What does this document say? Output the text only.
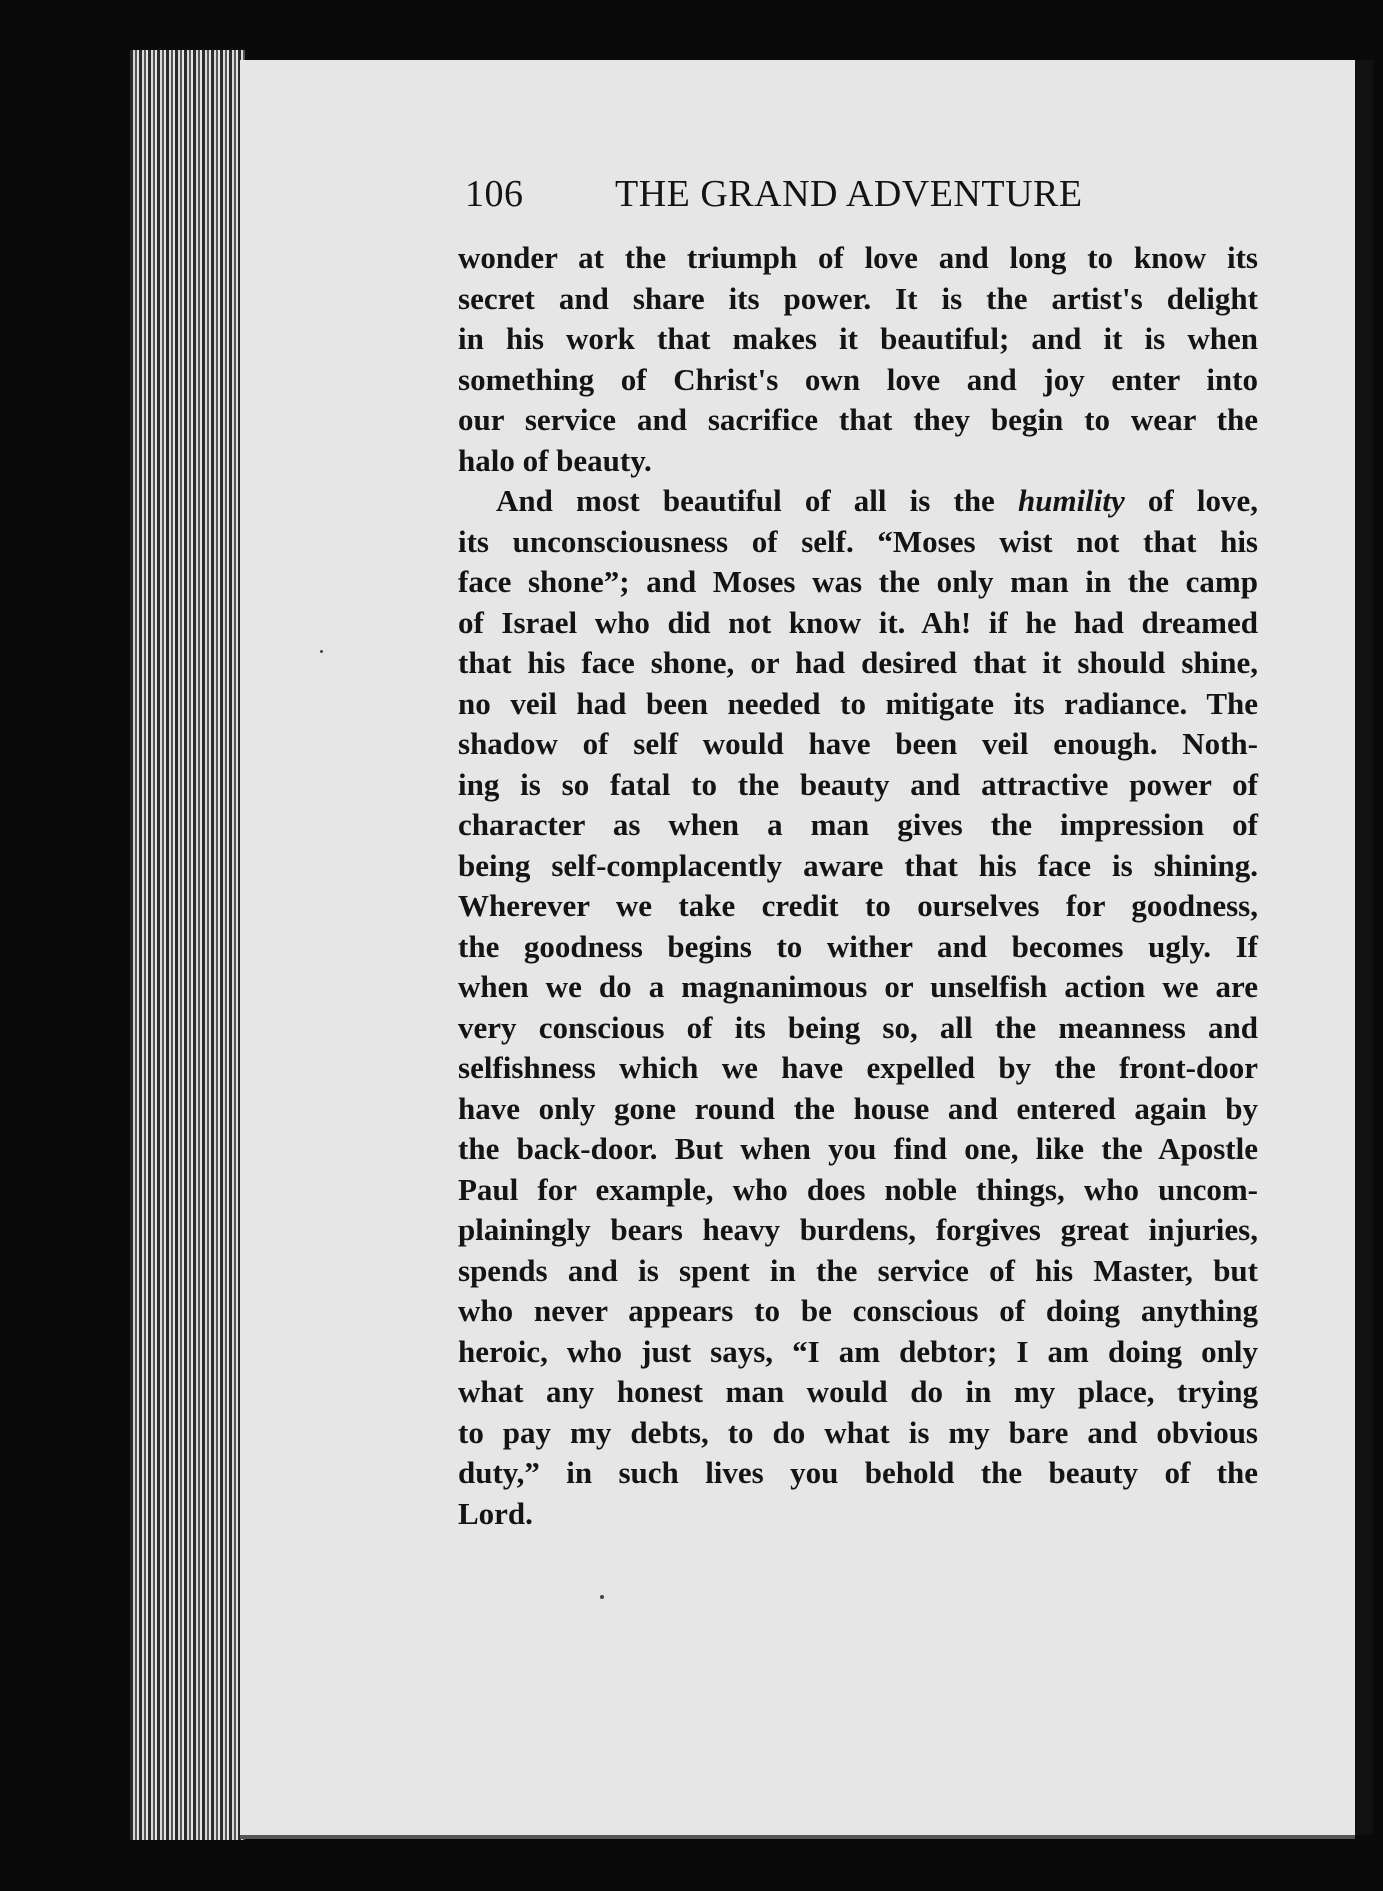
106 THE GRAND ADVENTURE
wonder at the triumph of love and long to know its
secret and share its power. It is the artist's delight
in his work that makes it beautiful; and it is when
something of Christ's own love and joy enter into
our service and sacrifice that they begin to wear the
halo of beauty.
And most beautiful of all is the humility of love,
its unconsciousness of self. “Moses wist not that his
face shone”; and Moses was the only man in the camp
of Israel who did not know it. Ah! if he had dreamed
that his face shone, or had desired that it should shine,
no veil had been needed to mitigate its radiance. The
shadow of self would have been veil enough. Noth-
ing is so fatal to the beauty and attractive power of
character as when a man gives the impression of
being self-complacently aware that his face is shining.
Wherever we take credit to ourselves for goodness,
the goodness begins to wither and becomes ugly. If
when we do a magnanimous or unselfish action we are
very conscious of its being so, all the meanness and
selfishness which we have expelled by the front-door
have only gone round the house and entered again by
the back-door. But when you find one, like the Apostle
Paul for example, who does noble things, who uncom-
plainingly bears heavy burdens, forgives great injuries,
spends and is spent in the service of his Master, but
who never appears to be conscious of doing anything
heroic, who just says, “I am debtor; I am doing only
what any honest man would do in my place, trying
to pay my debts, to do what is my bare and obvious
duty,” in such lives you behold the beauty of the
Lord.
